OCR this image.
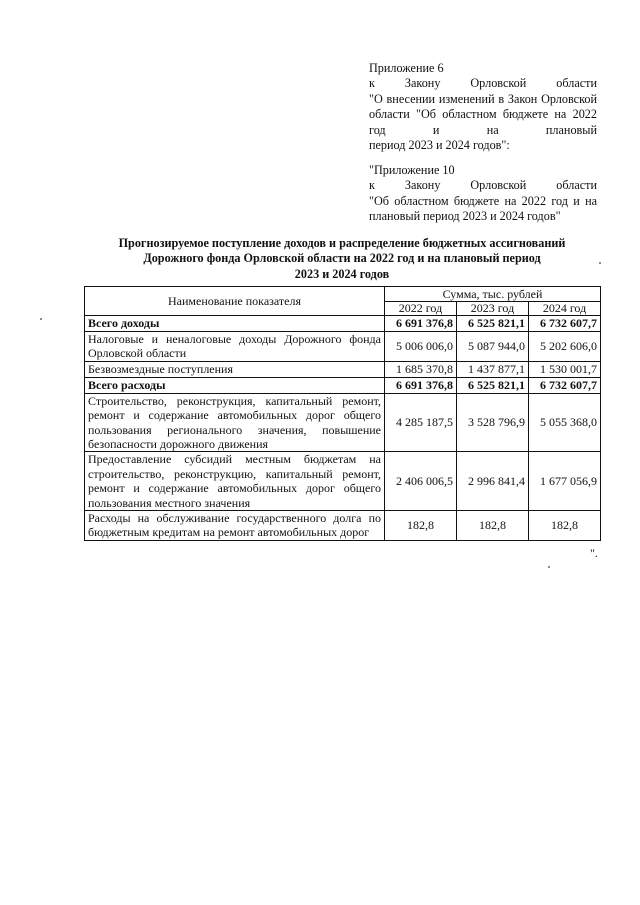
Приложение 6
к Закону Орловской области
"О внесении изменений в Закон Орловской области "Об областном бюджете на 2022 год и на плановый
период 2023 и 2024 годов":
"Приложение 10
к Закону Орловской области
"Об областном бюджете на 2022 год и на
плановый период 2023 и 2024 годов"
Прогнозируемое поступление доходов и распределение бюджетных ассигнований
Дорожного фонда Орловской области на 2022 год и на плановый период
2023 и 2024 годов
Наименование показателя	Сумма, тыс. рублей		
	2022 год	2023 год	2024 год
Всего доходы	6 691 376,8	6 525 821,1	6 732 607,7
Налоговые и неналоговые доходы Дорожного фонда Орловской области	5 006 006,0	5 087 944,0	5 202 606,0
Безвозмездные поступления	1 685 370,8	1 437 877,1	1 530 001,7
Всего расходы	6 691 376,8	6 525 821,1	6 732 607,7
Строительство, реконструкция, капитальный ремонт, ремонт и содержание автомобильных дорог общего пользования регионального значения, повышение безопасности дорожного движения	4 285 187,5	3 528 796,9	5 055 368,0
Предоставление субсидий местным бюджетам на строительство, реконструкцию, капитальный ремонт, ремонт и содержание автомобильных дорог общего пользования местного значения	2 406 006,5	2 996 841,4	1 677 056,9
Расходы на обслуживание государственного долга по бюджетным кредитам на ремонт автомобильных дорог	182,8	182,8	182,8
".
